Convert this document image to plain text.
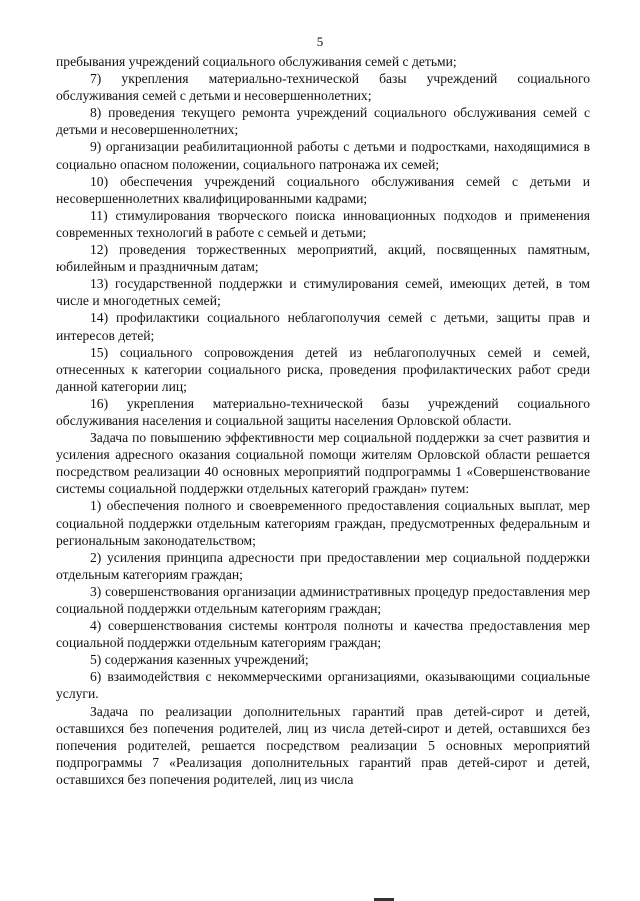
5

пребывания учреждений социального обслуживания семей с детьми;

7) укрепления материально-технической базы учреждений социального обслуживания семей с детьми и несовершеннолетних;

8) проведения текущего ремонта учреждений социального обслуживания семей с детьми и несовершеннолетних;

9) организации реабилитационной работы с детьми и подростками, находящимися в социально опасном положении, социального патронажа их семей;

10) обеспечения учреждений социального обслуживания семей с детьми и несовершеннолетних квалифицированными кадрами;

11) стимулирования творческого поиска инновационных подходов и применения современных технологий в работе с семьей и детьми;

12) проведения торжественных мероприятий, акций, посвященных памятным, юбилейным и праздничным датам;

13) государственной поддержки и стимулирования семей, имеющих детей, в том числе и многодетных семей;

14) профилактики социального неблагополучия семей с детьми, защиты прав и интересов детей;

15) социального сопровождения детей из неблагополучных семей и семей, отнесенных к категории социального риска, проведения профилактических работ среди данной категории лиц;

16) укрепления материально-технической базы учреждений социального обслуживания населения и социальной защиты населения Орловской области.

Задача по повышению эффективности мер социальной поддержки за счет развития и усиления адресного оказания социальной помощи жителям Орловской области решается посредством реализации 40 основных мероприятий подпрограммы 1 «Совершенствование системы социальной поддержки отдельных категорий граждан» путем:

1) обеспечения полного и своевременного предоставления социальных выплат, мер социальной поддержки отдельным категориям граждан, предусмотренных федеральным и региональным законодательством;

2) усиления принципа адресности при предоставлении мер социальной поддержки отдельным категориям граждан;

3) совершенствования организации административных процедур предоставления мер социальной поддержки отдельным категориям граждан;

4) совершенствования системы контроля полноты и качества предоставления мер социальной поддержки отдельным категориям граждан;

5) содержания казенных учреждений;

6) взаимодействия с некоммерческими организациями, оказывающими социальные услуги.

Задача по реализации дополнительных гарантий прав детей-сирот и детей, оставшихся без попечения родителей, лиц из числа детей-сирот и детей, оставшихся без попечения родителей, решается посредством реализации 5 основных мероприятий подпрограммы 7 «Реализация дополнительных гарантий прав детей-сирот и детей, оставшихся без попечения родителей, лиц из числа
